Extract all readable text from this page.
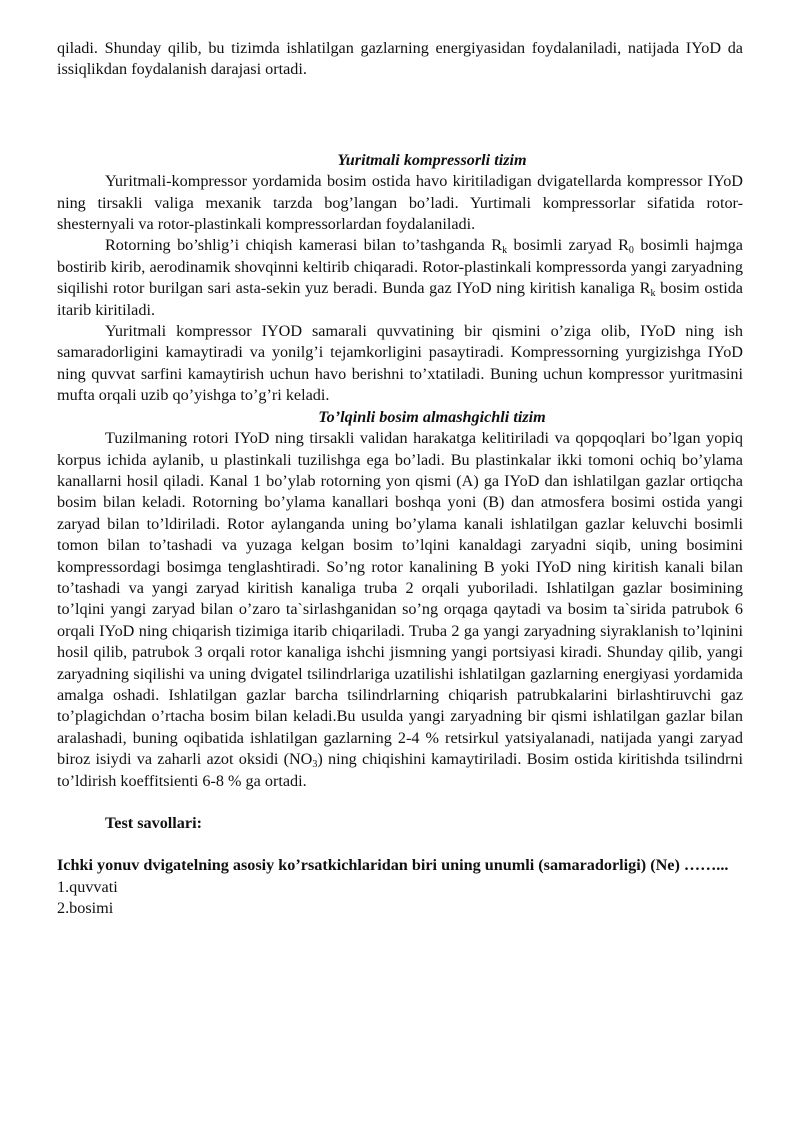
qiladi. Shunday qilib, bu tizimda ishlatilgan gazlarning energiyasidan foydalaniladi, natijada IYoD da issiqlikdan foydalanish darajasi ortadi.

Yuritmali kompressorli tizim

Yuritmali-kompressor yordamida bosim ostida havo kiritiladigan dvigatellarda kompressor IYoD ning tirsakli valiga mexanik tarzda bog’langan bo’ladi. Yurtimali kompressorlar sifatida rotor-shesternyali va rotor-plastinkali kompressorlardan foydalaniladi.

Rotorning bo’shlig’i chiqish kamerasi bilan to’tashganda $R_k$ bosimli zaryad $R_0$ bosimli hajmga bostirib kirib, aerodinamik shovqinni keltirib chiqaradi. Rotor-plastinkali kompressorda yangi zaryadning siqilishi rotor burilgan sari asta-sekin yuz beradi. Bunda gaz IYoD ning kiritish kanaliga $R_k$ bosim ostida itarib kiritiladi.

Yuritmali kompressor IYOD samarali quvvatining bir qismini o’ziga olib, IYoD ning ish samaradorligini kamaytiradi va yonilg’i tejamkorligini pasaytiradi. Kompressorning yurgizishga IYoD ning quvvat sarfini kamaytirish uchun havo berishni to’xtatiladi. Buning uchun kompressor yuritmasini mufta orqali uzib qo’yishga to’g’ri keladi.

To’lqinli bosim almashgichli tizim

Tuzilmaning rotori IYoD ning tirsakli validan harakatga kelitiriladi va qopqoqlari bo’lgan yopiq korpus ichida aylanib, u plastinkali tuzilishga ega bo’ladi. Bu plastinkalar ikki tomoni ochiq bo’ylama kanallarni hosil qiladi. Kanal 1 bo’ylab rotorning yon qismi (A) ga IYoD dan ishlatilgan gazlar ortiqcha bosim bilan keladi. Rotorning bo’ylama kanallari boshqa yoni (B) dan atmosfera bosimi ostida yangi zaryad bilan to’ldiriladi. Rotor aylanganda uning bo’ylama kanali ishlatilgan gazlar keluvchi bosimli tomon bilan to’tashadi va yuzaga kelgan bosim to’lqini kanaldagi zaryadni siqib, uning bosimini kompressordagi bosimga tenglashtiradi. So’ng rotor kanalining B yoki IYoD ning kiritish kanali bilan to’tashadi va yangi zaryad kiritish kanaliga truba 2 orqali yuboriladi. Ishlatilgan gazlar bosimining to’lqini yangi zaryad bilan o’zaro ta`sirlashganidan so’ng orqaga qaytadi va bosim ta`sirida patrubok 6 orqali IYoD ning chiqarish tizimiga itarib chiqariladi. Truba 2 ga yangi zaryadning siyraklanish to’lqinini hosil qilib, patrubok 3 orqali rotor kanaliga ishchi jismning yangi portsiyasi kiradi. Shunday qilib, yangi zaryadning siqilishi va uning dvigatel tsilindrlariga uzatilishi ishlatilgan gazlarning energiyasi yordamida amalga oshadi. Ishlatilgan gazlar barcha tsilindrlarning chiqarish patrubkalarini birlashtiruvchi gaz to’plagichdan o’rtacha bosim bilan keladi.Bu usulda yangi zaryadning bir qismi ishlatilgan gazlar bilan aralashadi, buning oqibatida ishlatilgan gazlarning 2-4 % retsirkul yatsiyalanadi, natijada yangi zaryad biroz isiydi va zaharli azot oksidi $(NO_3)$ ning chiqishini kamaytiriladi. Bosim ostida kiritishda tsilindrni to’ldirish koeffitsienti 6-8 % ga ortadi.

Test savollari:

Ichki yonuv dvigatelning asosiy ko’rsatkichlaridan biri uning unumli (samaradorligi) (Ne) ……...

1.quvvati

2.bosimi
